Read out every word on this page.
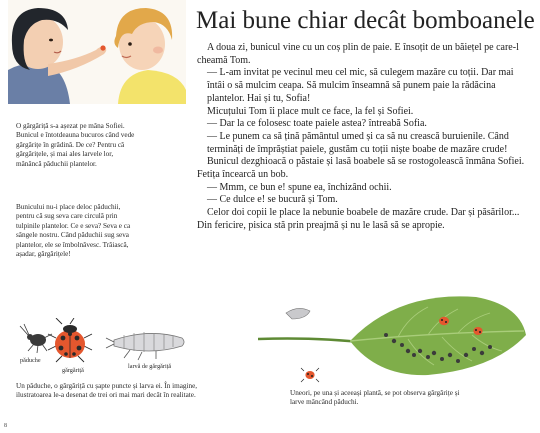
Mai bune chiar decât bomboanele

A doua zi, bunicul vine cu un coș plin de paie. E însoțit de un băiețel pe care-l cheamă Tom.

— L-am invitat pe vecinul meu cel mic, să culegem mazăre cu toții. Dar mai întâi o să mulcim ceapa. Să mulcim înseamnă să punem paie la rădăcina plantelor. Hai și tu, Sofia!

Micuțului Tom îi place mult ce face, la fel și Sofiei.

— Dar la ce folosesc toate paiele astea? întreabă Sofia.

— Le punem ca să țină pământul umed și ca să nu crească buruienile. Când terminăți de împrăștiat paiele, gustăm cu toții niște boabe de mazăre crude!

Bunicul dezghioacă o păstaie și lasă boabele să se rostogolească înmâna Sofiei. Fetița încearcă un bob.

— Mmm, ce bun e! spune ea, închizând ochii.

— Ce dulce e! se bucură și Tom.

Celor doi copii le place la nebunie boabele de mazăre crude. Dar și păsărilor... Din fericire, pisica stă prin preajmă și nu le lasă să se apropie.

O gărgăriță s-a așezat pe mâna Sofiei. Bunicul e întotdeauna bucuros când vede gărgărițe în grădină. De ce? Pentru că gărgărițele, și mai ales larvele lor, mănâncă păduchii plantelor.
Bunicului nu-i place deloc păduchii, pentru că sug seva care circulă prin tulpinile plantelor. Ce e seva? Seva e ca sângele nostru. Când păduchii sug seva plantelor, ele se îmbolnăvesc. Trăiască, așadar, gărgărițele!
păduche
gărgăriță
larvă de gărgăriță
Un păduche, o gărgăriță cu șapte puncte și larva ei. În imagine, ilustratoarea le-a desenat de trei ori mai mari decât în realitate.	Uneori, pe una și aceeași plantă, se pot observa gărgărițe și larve mâncând păduchi.
8
